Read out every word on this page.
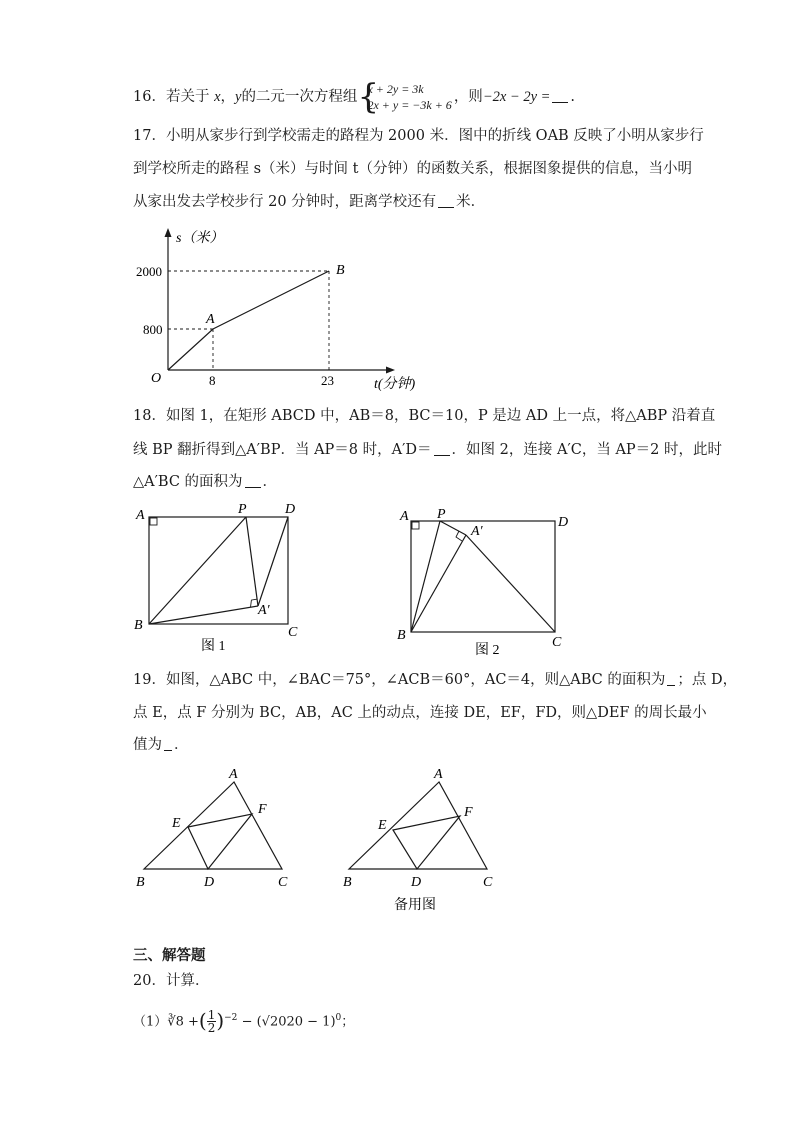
16．若关于 x，y的二元一次方程组 {
x + 2y = 3k
2x + y = −3k + 6 ，则−2x − 2y = .
17．小明从家步行到学校需走的路程为 2000 米．图中的折线 OAB 反映了小明从家步行
到学校所走的路程 s（米）与时间 t（分钟）的函数关系，根据图象提供的信息，当小明
从家出发去学校步行 20 分钟时，距离学校还有 米．
s（米）
2000
800
O	8	23	t(分钟)
A
B
18．如图 1，在矩形 ABCD 中，AB＝8，BC＝10，P 是边 AD 上一点，将△ABP 沿着直
线 BP 翻折得到△A′BP．当 AP＝8 时，A′D＝ ．如图 2，连接 A′C，当 AP＝2 时，此时
△A′BC 的面积为 ．
A	P	D
B	C
A′
图 1
A P
D
B	C
A′
图 2
19．如图，△ABC 中，∠BAC＝75°，∠ACB＝60°，AC＝4，则△ABC 的面积为 ；点 D，
点 E，点 F 分别为 BC，AB，AC 上的动点，连接 DE，EF，FD，则△DEF 的周长最小
值为 ．
A
B	C
D
E
F
A
B	C
D
E
F
备用图
三、解答题
20．计算．
（1）∛8 +( $\frac{1}{2} )^{-2} - (√2020 - 1)^0$；
